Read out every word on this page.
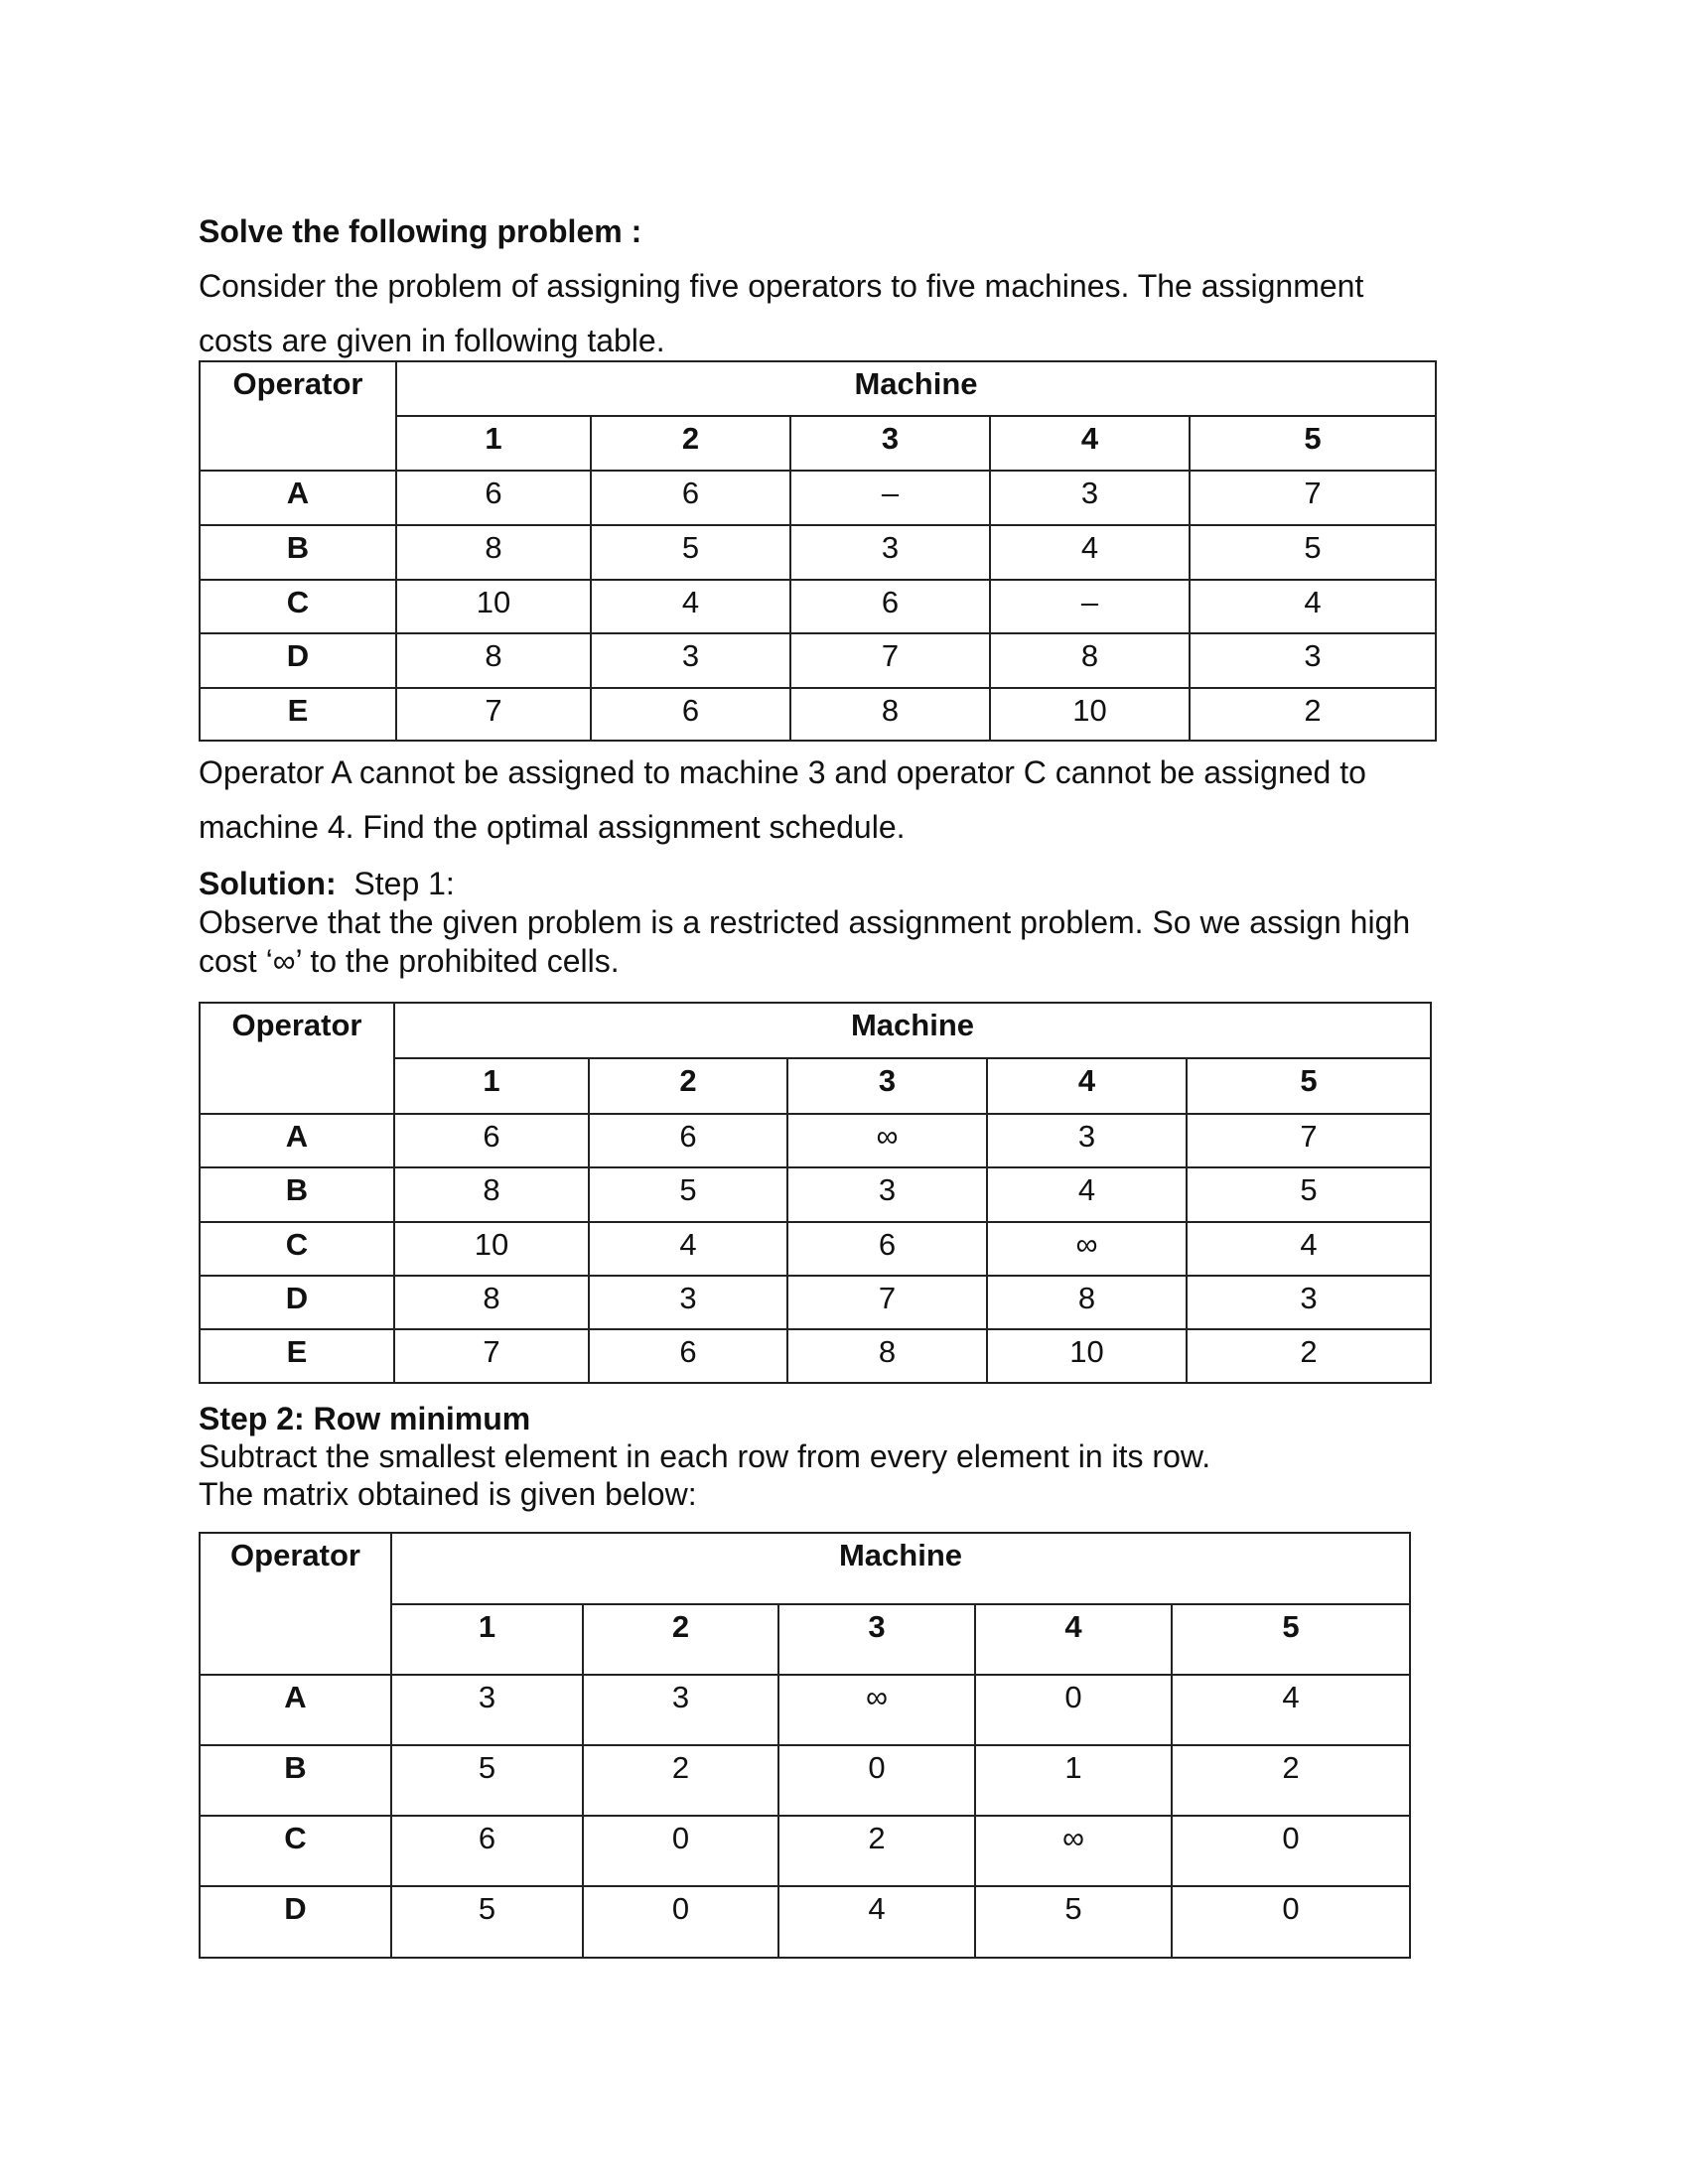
Solve the following problem :

Consider the problem of assigning five operators to five machines. The assignment

costs are given in following table.

Operator	Machine				
	1	2	3	4	5
A	6	6	–	3	7
B	8	5	3	4	5
C	10	4	6	–	4
D	8	3	7	8	3
E	7	6	8	10	2

Operator A cannot be assigned to machine 3 and operator C cannot be assigned to

machine 4. Find the optimal assignment schedule.

Solution: Step 1:

Observe that the given problem is a restricted assignment problem. So we assign high

cost ‘∞’ to the prohibited cells.

Operator	Machine				
	1	2	3	4	5
A	6	6	∞	3	7
B	8	5	3	4	5
C	10	4	6	∞	4
D	8	3	7	8	3
E	7	6	8	10	2

Step 2: Row minimum

Subtract the smallest element in each row from every element in its row.

The matrix obtained is given below:

Operator	Machine				
	1	2	3	4	5
A	3	3	∞	0	4
B	5	2	0	1	2
C	6	0	2	∞	0
D	5	0	4	5	0
